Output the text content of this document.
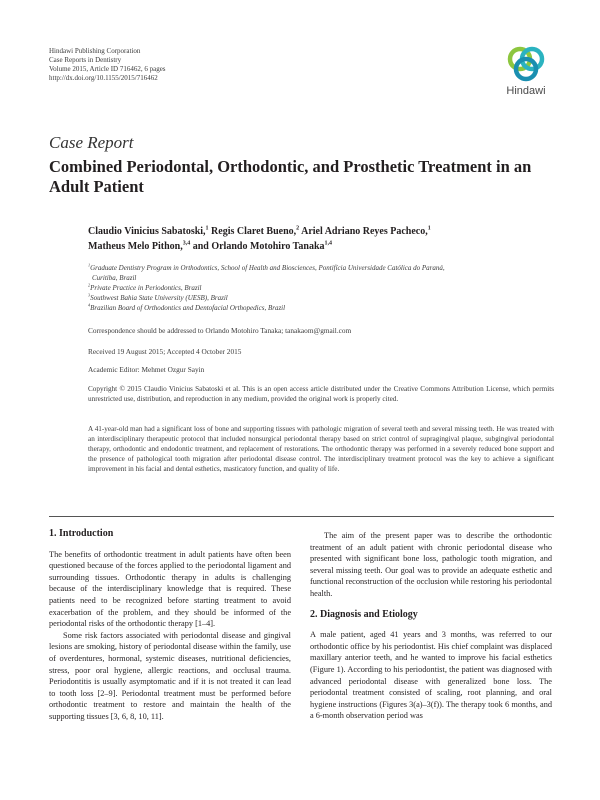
Hindawi Publishing Corporation
Case Reports in Dentistry
Volume 2015, Article ID 716462, 6 pages
http://dx.doi.org/10.1155/2015/716462
Hindawi
Case Report
Combined Periodontal, Orthodontic, and Prosthetic Treatment in an Adult Patient
Claudio Vinicius Sabatoski,$^1$ Regis Claret Bueno,$^2$ Ariel Adriano Reyes Pacheco,$^1$
Matheus Melo Pithon,$^{3,4}$ and Orlando Motohiro Tanaka$^{1,4}$
$^1$Graduate Dentistry Program in Orthodontics, School of Health and Biosciences, Pontifícia Universidade Católica do Paraná,
Curitiba, Brazil
$^2$Private Practice in Periodontics, Brazil
$^3$Southwest Bahia State University (UESB), Brazil
$^4$Brazilian Board of Orthodontics and Dentofacial Orthopedics, Brazil
Correspondence should be addressed to Orlando Motohiro Tanaka; tanakaom@gmail.com
Received 19 August 2015; Accepted 4 October 2015
Academic Editor: Mehmet Ozgur Sayin
Copyright © 2015 Claudio Vinicius Sabatoski et al. This is an open access article distributed under the Creative Commons Attribution License, which permits unrestricted use, distribution, and reproduction in any medium, provided the original work is properly cited.
A 41-year-old man had a significant loss of bone and supporting tissues with pathologic migration of several teeth and several missing teeth. He was treated with an interdisciplinary therapeutic protocol that included nonsurgical periodontal therapy based on strict control of supragingival plaque, subgingival periodontal therapy, orthodontic and endodontic treatment, and replacement of restorations. The orthodontic therapy was performed in a severely reduced bone support and the presence of pathological tooth migration after periodontal disease control. The interdisciplinary treatment protocol was the key to achieve a significant improvement in his facial and dental esthetics, masticatory function, and quality of life.
1. Introduction

The benefits of orthodontic treatment in adult patients have often been questioned because of the forces applied to the periodontal ligament and surrounding tissues. Orthodontic therapy in adults is challenging because of the interdisciplinary knowledge that is required. These patients need to be recognized before starting treatment to avoid exacerbation of the problem, and they should be informed of the periodontal risks of the orthodontic therapy [1–4].

Some risk factors associated with periodontal disease and gingival lesions are smoking, history of periodontal disease within the family, use of overdentures, hormonal, systemic diseases, nutritional deficiencies, stress, poor oral hygiene, allergic reactions, and occlusal trauma. Periodontitis is usually asymptomatic and if it is not treated it can lead to tooth loss [2–9]. Periodontal treatment must be performed before orthodontic treatment to restore and maintain the health of the supporting tissues [3, 6, 8, 10, 11].

The aim of the present paper was to describe the orthodontic treatment of an adult patient with chronic periodontal disease who presented with significant bone loss, pathologic tooth migration, and several missing teeth. Our goal was to provide an adequate esthetic and functional reconstruction of the occlusion while restoring his periodontal health.

2. Diagnosis and Etiology

A male patient, aged 41 years and 3 months, was referred to our orthodontic office by his periodontist. His chief complaint was displaced maxillary anterior teeth, and he wanted to improve his facial esthetics (Figure 1). According to his periodontist, the patient was diagnosed with advanced periodontal disease with generalized bone loss. The periodontal treatment consisted of scaling, root planning, and oral hygiene instructions (Figures 3(a)–3(f)). The therapy took 6 months, and a 6-month observation period was
